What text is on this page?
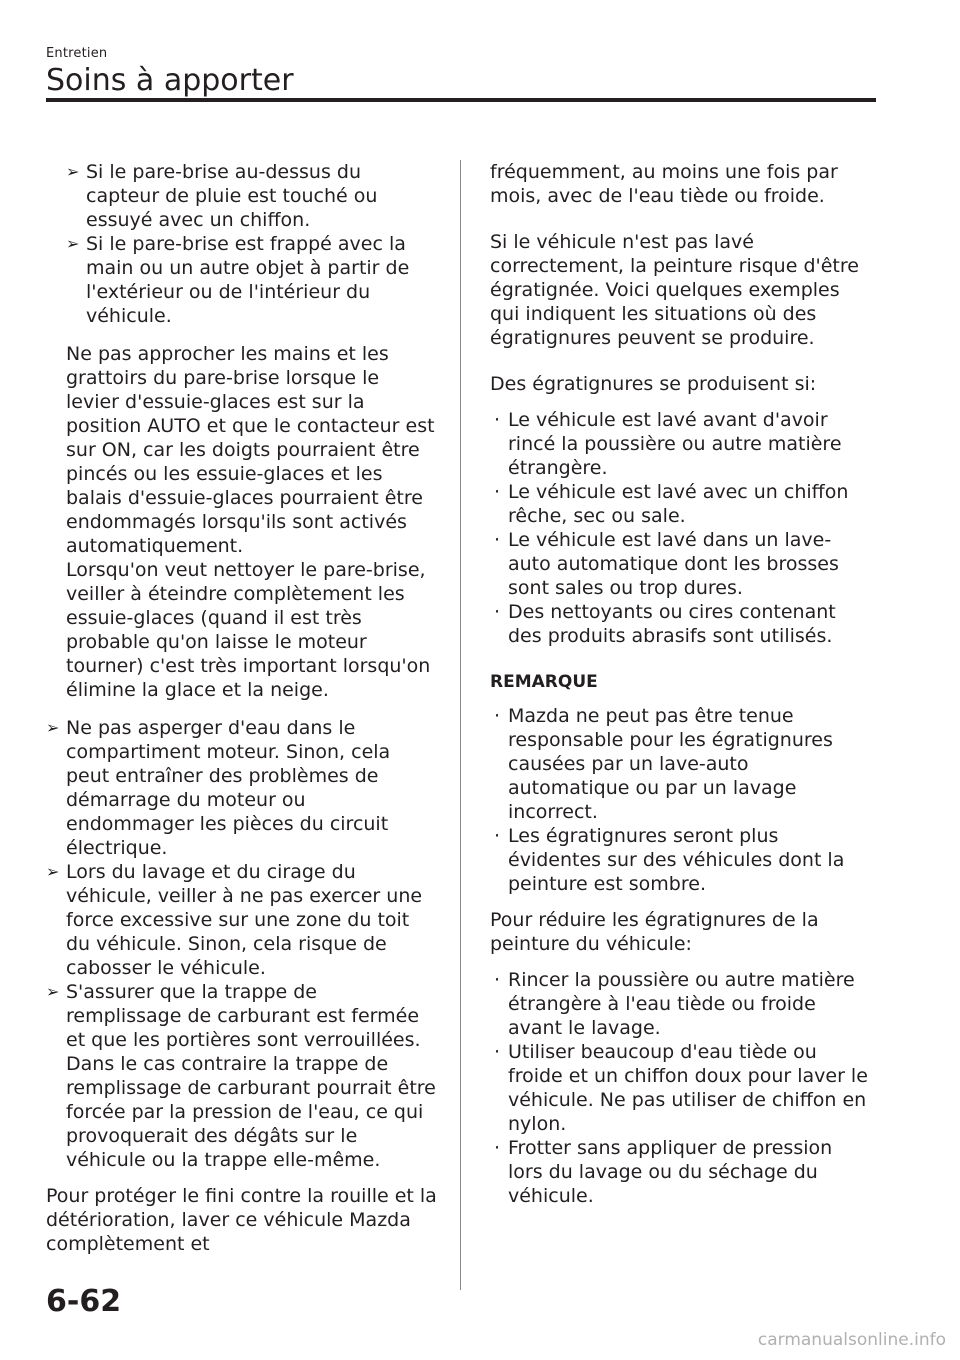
Entretien
Soins à apporter
➢ Si le pare-brise au-dessus du capteur de pluie est touché ou essuyé avec un chiffon.
➢ Si le pare-brise est frappé avec la main ou un autre objet à partir de l'extérieur ou de l'intérieur du véhicule.
Ne pas approcher les mains et les grattoirs du pare-brise lorsque le levier d'essuie-glaces est sur la position AUTO et que le contacteur est sur ON, car les doigts pourraient être pincés ou les essuie-glaces et les balais d'essuie-glaces pourraient être endommagés lorsqu'ils sont activés automatiquement.
Lorsqu'on veut nettoyer le pare-brise, veiller à éteindre complètement les essuie-glaces (quand il est très probable qu'on laisse le moteur tourner) c'est très important lorsqu'on élimine la glace et la neige.
➢ Ne pas asperger d'eau dans le compartiment moteur. Sinon, cela peut entraîner des problèmes de démarrage du moteur ou endommager les pièces du circuit électrique.
➢ Lors du lavage et du cirage du véhicule, veiller à ne pas exercer une force excessive sur une zone du toit du véhicule. Sinon, cela risque de cabosser le véhicule.
➢ S'assurer que la trappe de remplissage de carburant est fermée et que les portières sont verrouillées. Dans le cas contraire la trappe de remplissage de carburant pourrait être forcée par la pression de l'eau, ce qui provoquerait des dégâts sur le véhicule ou la trappe elle-même.
Pour protéger le fini contre la rouille et la détérioration, laver ce véhicule Mazda complètement et
fréquemment, au moins une fois par mois, avec de l'eau tiède ou froide.
Si le véhicule n'est pas lavé correctement, la peinture risque d'être égratignée. Voici quelques exemples qui indiquent les situations où des égratignures peuvent se produire.
Des égratignures se produisent si:
· Le véhicule est lavé avant d'avoir rincé la poussière ou autre matière étrangère.
· Le véhicule est lavé avec un chiffon rêche, sec ou sale.
· Le véhicule est lavé dans un lave-auto automatique dont les brosses sont sales ou trop dures.
· Des nettoyants ou cires contenant des produits abrasifs sont utilisés.
REMARQUE
· Mazda ne peut pas être tenue responsable pour les égratignures causées par un lave-auto automatique ou par un lavage incorrect.
· Les égratignures seront plus évidentes sur des véhicules dont la peinture est sombre.
Pour réduire les égratignures de la peinture du véhicule:
· Rincer la poussière ou autre matière étrangère à l'eau tiède ou froide avant le lavage.
· Utiliser beaucoup d'eau tiède ou froide et un chiffon doux pour laver le véhicule. Ne pas utiliser de chiffon en nylon.
· Frotter sans appliquer de pression lors du lavage ou du séchage du véhicule.
6-62
carmanualsonline.info
